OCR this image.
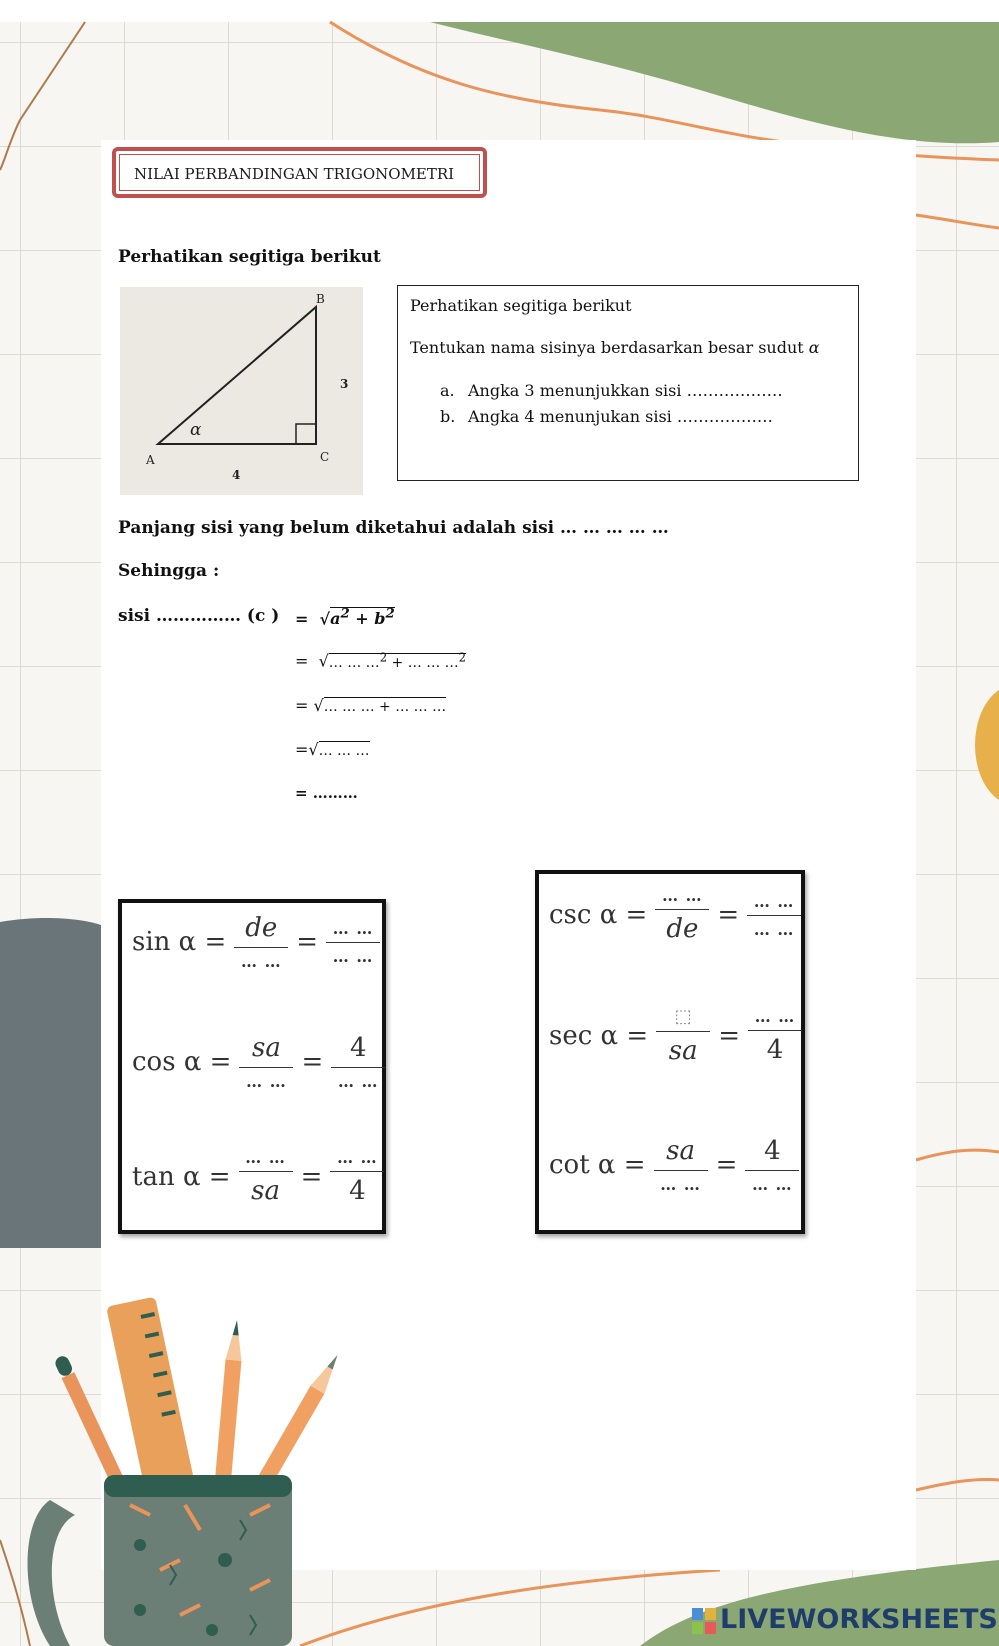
NILAI PERBANDINGAN TRIGONOMETRI
Perhatikan segitiga berikut
α
B
A	C
3
4
Perhatikan segitiga berikut
Tentukan nama sisinya berdasarkan besar sudut α
a. Angka 3 menunjukkan sisi ………………
b. Angka 4 menunjukan sisi ………………
Panjang sisi yang belum diketahui adalah sisi … … … … …
Sehingga :
sisi …………… (c ) =  $√a^2 + b^2$
=  √… … …$^2$ + … … …$^2$
= √… … … + … … …
=√… … …
= ………
$\sin \alpha = \frac{de}{\dots \dots} = \frac{\dots \dots}{\dots \dots}$
$\cos \alpha = \frac{sa}{\dots \dots} = \frac{4}{\dots \dots}$
$\tan \alpha = \frac{\dots \dots}{sa} = \frac{\dots \dots}{4}$
$\csc \alpha = \frac{\dots \dots}{de} = \frac{\dots \dots}{\dots \dots}$
$\sec \alpha = \frac{⬚}{sa} = \frac{\dots \dots}{4}$
$\cot \alpha = \frac{sa}{\dots \dots} = \frac{4}{\dots \dots}$
LIVEWORKSHEETS
